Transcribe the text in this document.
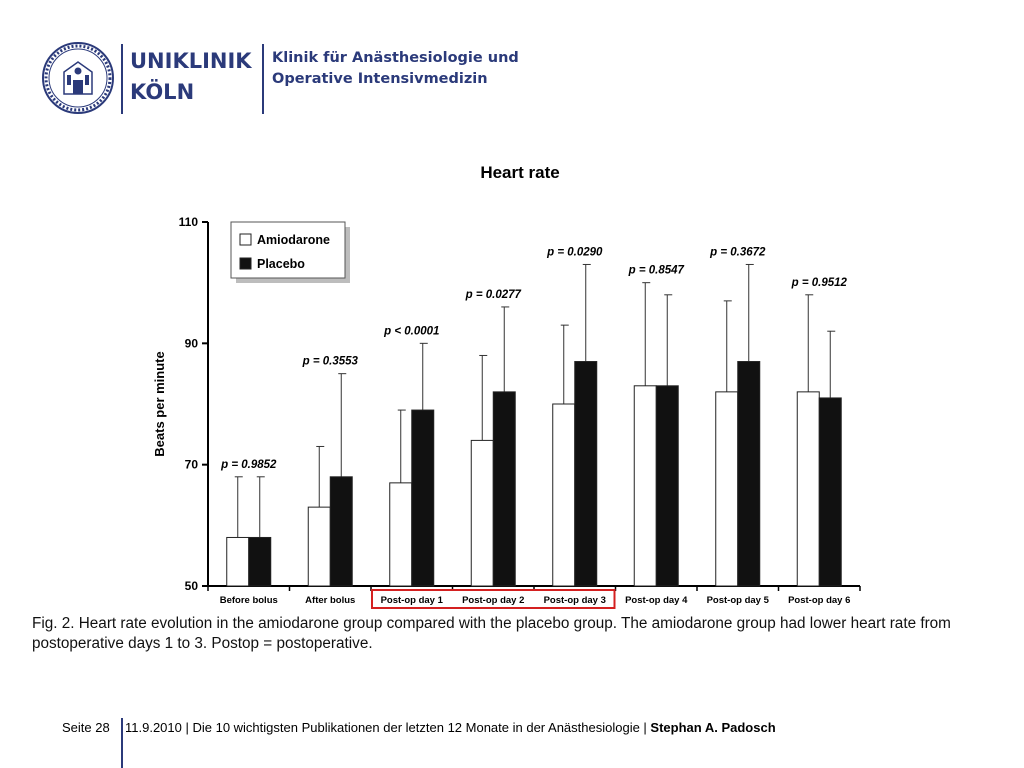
UNIKLINIK
KÖLN
Klinik für Anästhesiologie und
Operative Intensivmedizin
Heart rate
Beats per minute
50
70
90
110
Before bolus
p = 0.9852
After bolus
p = 0.3553
Post-op day 1
p < 0.0001
Post-op day 2
p = 0.0277
Post-op day 3
p = 0.0290
Post-op day 4
p = 0.8547
Post-op day 5
p = 0.3672
Post-op day 6
p = 0.9512
Amiodarone
Placebo
Fig. 2. Heart rate evolution in the amiodarone group compared with the placebo group. The amiodarone group had lower heart rate from postoperative days 1 to 3. Postop = postoperative.
Seite 28 11.9.2010 | Die 10 wichtigsten Publikationen der letzten 12 Monate in der Anästhesiologie | Stephan A. Padosch
